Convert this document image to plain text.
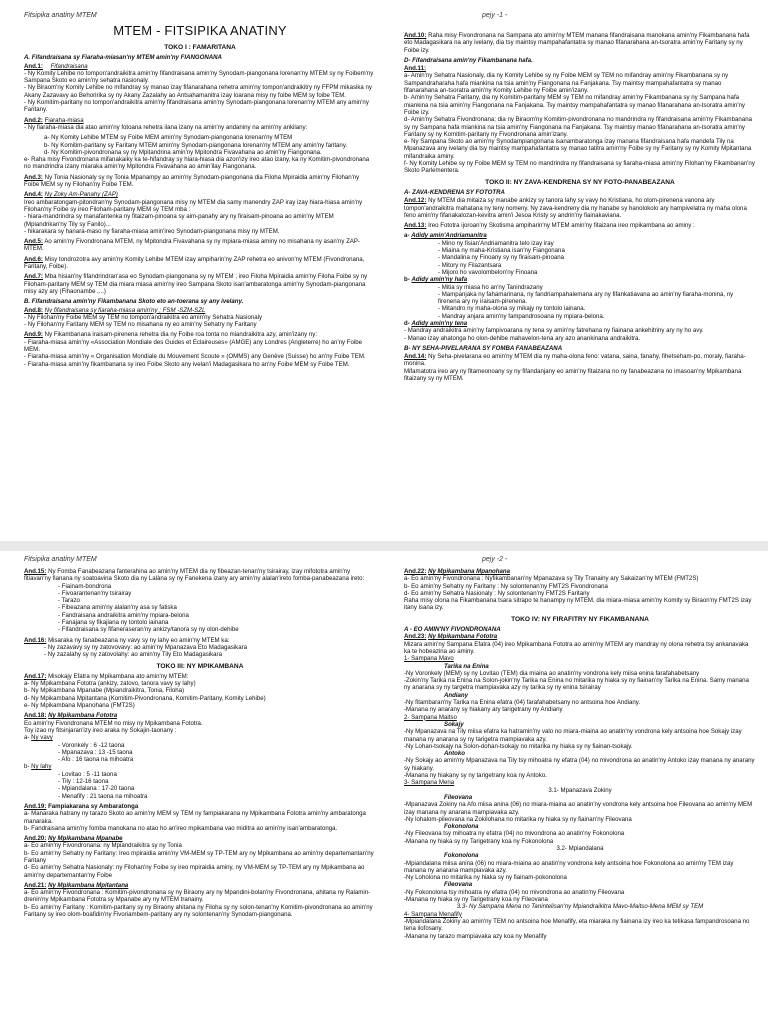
Fitsipika anatiny MTEM	pejy -1 -
MTEM - FITSIPIKA ANATINY
TOKO I : FAMARITANA
A. Fifandraisana sy Fiaraha-miasan'ny MTEM amin'ny FIANGONANA

And.1: Fifandraisana
- Ny Komity Lehibe no tompon'andraikitra amin'ny fifandraisana amin'ny Synodam-piangonana lorenan'ny MTEM sy ny Foibem'ny Sampana Skoto eo amin'ny sehatra nasionaly.
- Ny Biraom'ny Komity Lehibe no mifandray sy manao izay fifanarahana rehetra amin'ny tompon'andraikitry ny FFPM mikasika ny Akany Zazavavy ao Behoririka sy ny Akany Zazalahy ao Antsahamanitra izay loarana misy ny foibe MEM sy foibe TEM.
- Ny Komitim-paritany no tompon'andraikitra amin'ny fifandraisana amin'ny Synodam-piangonana lorenan'ny MTEM any amin'ny Faritany.

And.2: Fiaraha-miasa
- Ny fiaraha-miasa dia atao amin'ny fotoana rehetra ilana izany na amin'ny andaniny na amin'ny ankilany:

a- Ny Komity Lehibe MTEM sy Foibe MEM amin'ny Synodam-piangonana lorenan'ny MTEM

b- Ny Komitim-paritany sy Faritany MTEM amin'ny Synodam-piangonana lorenan'ny MTEM any amin'ny faritany.

d- Ny Komitim-pivondronana sy ny Mpitandrina amin'ny Mpitondra Fivavahana ao amin'ny Fiangonana.

e- Raha misy Fivondronana mifanakaiky ka te-hifandray sy hiara-hiasa dia azon'izy ireo atao izany, ka ny Komitim-pivondronana no mandrindra izany miaraka amin'ny Mpitondra Fivavahana ao amin'ilay Fiangonana.

And.3: Ny Tonia Nasionaly sy ny Tonia Mpanampy ao amin'ny Synodam-piangonana dia Filoha Mpiraidia amin'ny Filohan'ny Foibe MEM sy ny Filohan'ny Foibe TEM.

And.4: Ny Zoky Am-Panahy (ZAP)
Ireo ambaratongam-pitondran'ny Synodam-piangonana misy ny MTEM dia samy manendry ZAP iray izay hiara-hiasa amin'ny Filohan'ny Foibe sy ireo Filoham-paritany MEM sy TEM mba :
- hiara-mandrindra sy manafantenka ny fitaizam-pinoana sy aim-panahy ary ny firaisam-pinoana ao amin'ny MTEM (Mpiandrikan'ny Tily sy Fanilo)...
- hikarakara sy hanara-maso ny fiaraha-miasa amin'ireo Synodam-piangonana misy ny MTEM.

And.5: Ao amin'ny Fivondronana MTEM, ny Mpitondra Fivavahana sy ny mpiara-miasa aminy no misahana ny asan'ny ZAP-MTEM.

And.6: Misy tondrozotra avy amin'ny Komity Lehibe MTEM izay ampiharin'ny ZAP rehetra eo anivon'ny MTEM (Fivondronana, Faritany, Foibe).

And.7: Mba hisian'ny fifandrindran'asa eo Synodam-piangonana sy ny MTEM ; ireo Filoha Mpiraidia amin'ny Filoha Foibe sy ny Filoham-paritany MEM sy TEM dia miara miasa amin'ny ireo Sampana Skoto isan'ambaratonga amin'ny Synodam-piangonana misy azy ary (Fihaonambe ,...)

B. Fifandraisana amin'ny Fikambanana Skoto eto an-toerana sy any ivelany.

And.8: Ny fifandraisana sy fiaraha-miasa amin'ny ; FSM -SZM-SZL
- Ny Filohan'ny Foibe MEM sy TEM no tompon'andraikitra eo amin'ny Sehatra Nasionaly
- Ny Filohan'ny Faritany MEM sy TEM no misahana ny eo amin'ny Sehatry ny Faritany

And.9: Ny Fikambanana iraisam-pirenena rehetra dia ny Foibe roa tonta no miandraikitra azy, amin'izany ny:
- Fiaraha-miasa amin'ny «Association Mondiale des Guides et Eclaireuses» (AMGE) any Londres (Angleterre) ho an'ny Foibe MEM.
- Fiaraha-miasa amin'ny « Organisation Mondiale du Mouvement Scoute » (OMMS) any Genève (Suisse) ho an'ny Foibe TEM.
- Fiaraha-miasa amin'ny fikambanana sy ireo Foibe Skoto any ivelan'i Madagasikara ho an'ny Foibe MEM sy Foibe TEM.

And.10: Raha misy Fivondronana na Sampana ato amin'ny MTEM manana fifandraisana manokana amin'ny Fikambanana hafa eto Madagasikara na any ivelany, dia tsy maintsy mampahafantatra sy manao fifanarahana an-tsoratra amin'ny Faritany sy ny Foibe izy.

D- Fifandraisana amin'ny Fikambanana hafa.

And.11:
a- Amin'ny Sehatra Nasionaly, dia ny Komity Lehibe sy ny Foibe MEM sy TEM no mifandray amin'ny Fikambanana sy ny Sampandraharaha hafa miankina na tsia amin'ny Fiangonana na Fanjakana. Tsy maintsy mampahafantatra sy manao fifanarahana an-tsoratra amin'ny Komity Lehibe ny Foibe amin'izany.
b- Amin'ny Sehatra Faritany, dia ny Komitim-paritany MEM sy TEM no mifandray amin'ny Fikambanana sy ny Sampana hafa miankina na tsia amin'ny Fiangonana na Fanjakana. Tsy maintsy mampahafantatra sy manao fifanarahana an-tsoratra amin'ny Foibe izy.
d- Amin'ny Sehatra Fivondronana; dia ny Biraom'ny Komitim-pivondronana no mandrindra ny fifandraisana amin'ny Fikambanana sy ny Sampana hafa miankina na tsia amin'ny Fiangonana na Fanjakana. Tsy maintsy manao fifanarahana an-tsoratra amin'ny Faritany sy ny Komitim-paritany ny Fivondronana amin'izany.
e- Ny Sampana Skoto ao amin'ny Synodampiangonana isanambaratonga izay manana fifandraisana hafa mandefa Tily na Mpanazava any ivelany dia tsy maintsy mampahafantatra sy manao tatitra amin'ny Foibe sy ny Faritany sy ny Komity Mpitantana mifandraika aminy.
f- Ny Komity Lehibe sy ny Foibe MEM sy TEM no mandrindra ny fifandraisana sy fiaraha-miasa amin'ny Filohan'ny Fikambanan'ny Skoto Parlementera.

TOKO II: NY ZAVA-KENDRENA SY NY FOTO-PANABEAZANA
A- ZAVA-KENDRENA SY FOTOTRA

And.12: Ny MTEM dia mitaiza sy manabe ankizy sy tanora lahy sy vavy ho Kristiana, ho olom-pirenena vanona ary tompon'andraikitra mahatana ny teny nomeny. Ny zava-kendreny dia ny hanabe sy hanolokolo ary hampivelatra ny maha olona feno amin'ny fifanakalozan-kevitra amin'i Jesoa Kristy sy andrin'ny fiainakaviana.

And.13: Ireo Fototra ijoroan'ny Skotisma ampiharin'ny MTEM amin'ny fitaizana ireo mpikambana ao aminy :

a- Adidy amin'Andriamanitra

- Mino ny fisian'Andriamanitra telo izay iray

- Miaina ny maha-Kristiana isan'ny Fiangonana

- Mandalina ny Finoany sy ny firaisam-pinoana

- Mitory ny Filazantsara

- Mijoro ho vavolombelon'ny Finoana

b- Adidy amin'ny hafa

- Mitia sy miasa ho an'ny Tanindrazany

- Mampanjaka ny fahamarinana, ny fandriampahalemana ary ny fifankatiavana ao amin'ny fiaraha-monina, ny firenena ary ny iraisam-pirenena.

- Mitandro ny maha-olona sy mikajy ny tontolo iainana.

- Mandray anjara amin'ny fampandrosoana ny mpiara-belona.

d- Adidy amin'ny tena

- Mandray andraikitra amin'ny fampivoarana ny tena sy amin'ny fatrehana ny fiainana ankehitriny ary ny ho avy.

- Manao izay ahatonga ho olon-dehibe mahavelon-tena ary azo anankinana andraikitra.

B- NY SEHA-PIVELARANA SY FOMBA FANABEAZANA

And.14: Ny Seha-pivelarana eo amin'ny MTEM dia ny maha-olona feno: vatana, saina, fanahy, fihetseham-po, moraly, fiaraha-monina.
Mifamatotra ireo ary ny fitameonoany sy ny fifandanjany eo amin'ny fitaizana no ny fanabeazana no imasoan'ny Mpikambana fitaizany sy ny MTEM.

Fitsipika anatiny MTEM	pejy -2 -

And.15: Ny Fomba Fanabeazana fanterahina ao amin'ny MTEM dia ny fibeazan-tenan'ny tsirairay, izay mifototra amin'ny fitiavan'ny fianana ny soatoavina Skoto dia ny Lalàna sy ny Fanekena izany ary amin'ny alalan'ireto fomba-panabeazana ireto:

- Fiainam-bondrona

- Fivoarantenan'ny tsirairay

- Tarazo

- Fibeazana amin'ny alalan'ny asa sy fatiska

- Fandraisana andraikitra amin'ny mpiara-belona

- Fanajana sy fikajiana ny tontolo iainana

- Fifandraisana sy fifaneraseran'ny ankizy/tanora sy ny olon-dehibe

And.16: Misaraka ny fanabeazana ny vavy sy ny lahy eo amin'ny MTEM ka:

- Ny zazavavy sy ny zatovovavy: ao amin'ny Mpanazava Eto Madagasikara

- Ny zazalahy sy ny zatovolahy: ao amin'ny Tily Eto Madagasikara

TOKO III: NY MPIKAMBANA

And.17: Misokajy Efatra ny Mpikambana ato amin'ny MTEM:

a- Ny Mpikambana Fototra (ankizy, zatovo, tanora vavy sy lahy)

b- Ny Mpikambana Mpanabe (Mpiandraikitra, Tonia, Filoha)

d- Ny Mpikambana Mpitantana (Komitim-Pivondronana, Komitim-Paritany, Komity Lehibe)

e- Ny Mpikambana Mpanohana (FMT2S)

And.18: Ny Mpikambana Fototra
Eo amin'ny Fivondronana MTEM no misy ny Mpikambana Fototra.
Toy izao ny fitsinjaran'izy ireo araka ny Sokajin-taonany :
a- Ny vavy

- Voronkely : 6 -12 taona

- Mpanazava : 13 -15 taona

- Afo : 16 taona na mihoatra

b- Ny lahy

- Lovitao : 5 -11 taona

- Tily : 12-16 taona

- Mpiandalana : 17-20 taona

- Menafify : 21 taona na mihoatra

And.19: Fampiakarana sy Ambaratonga
a- Manaraka hatrany ny tarazo Skoto ao amin'ny MEM sy TEM ny fampiakarana ny Mpikambana Fototra amin'ny ambaratonga manaraka.
b- Fandraisana amin'ny fomba manokana no atao ho an'ireo mpikambana vao miditra ao amin'ny isan'ambaratonga.

And.20: Ny Mpikambana Mpanabe
a- Eo amin'ny Fivondronana: ny Mpiandraikitra sy ny Tonia
b- Eo amin'ny Sehatry ny Faritany: Ireo mpiraidia amin'ny VM-MEM sy TP-TEM ary ny Mpikambana ao amin'ny departemantan'ny Faritany
d- Eo amin'ny Sehatra Nasionaly: ny Filohan'ny Foibe sy ireo mpiraidia aminy, ny VM-MEM sy TP-TEM ary ny Mpikambana ao amin'ny departemantan'ny Foibe

And.21: Ny Mpikambana Mpitantana
a- Eo amin'ny Fivondronana : Komitim-pivondronana sy ny Biraony ary ny Mpandini-bolan'ny Fivondronana, ahitana ny Ralamin-drenin'ny Mpikambana Fototra sy Mpanabe ary ny MTEM tranainy.
b- Eo amin'ny Faritany : Komitim-paritany sy ny Biraony ahitana ny Filoha sy ny solon-tenan'ny Komitim-pivondronana ao amin'ny Faritany sy ireo olom-boafidin'ny Fivoriambem-paritany ary ny solontenan'ny Synodam-piangonana.

And.22: Ny Mpikambana Mpanohana
a- Eo amin'ny Fivondronana : Nyfikambanan'ny Mpanazava sy Tily Tranainy ary Sakaizan'ny MTEM (FMT2S)
b- Eo amin'ny Sehatry ny Faritany : Ny solontenan'ny FMT2S Fivondronana
d- Eo amin'ny Sehatra Nasionaly : Ny solontenan'ny FMT2S Faritany
Raha misy olona na Fikambanana tsara sitrapo te hanampy ny MTEM, dia miara-miasa amin'ny Komity sy Biraon'ny FMT2S izay itany isana izy.

TOKO IV: NY FIRAFITRY NY FIKAMBANANA
A - EO AMIN'NY FIVONDRONANA

And.23: Ny Mpikambana Fototra
Mizara amin'ny Sampana Efatra (04) ireo Mpikambana Fototra ao amin'ny MTEM ary mandray ny olona rehetra tsy ankanavaka ka te hobeazina ao aminy.

1- Sampana Mavo

Tarika na Enina

-Ny Voronkely (MEM) sy ny Lovitao (TEM) dia miaina ao anatin'ny vondrona kely miisa enina farafahabetsany

-Zokin'ny Tarika na Enina na Solon-jokin'ny Tarika na Enina no mitarika ny hiaka sy ny fiainan'ny Tarika na Enina. Samy manana ny anarana sy ny targetra mampiavaka azy ny tarika sy ny enina tsirairay

Andiany

-Ny fitambaran'ny Tarika na Enina efatra (04) farafahabetsany no antsoina hoe Andiany.

-Manana ny anarany sy hiakany ary tarigetrany ny Andiany

2- Sampana Maitso

Sokajy

-Ny Mpanazava na Tily miisa efatra ka hatramin'ny valo no miara-miaina ao anatin'ny vondrona kely antsoina hoe Sokajy izay manana ny anarana sy ny tarigetra mampiavaka azy.

-Ny Lohan-tsokajy na Solon-dohan-tsokajy no mitarika ny hiaka sy ny fiainan-tsokajy.

Antoko

-Ny Sokajy ao amin'ny Mpanazava na Tily tsy mihoatra ny efatra (04) no mivondrona ao anatin'ny Antoko izay manana ny anarany sy hiakany.

-Manana ny hiakany sy ny tarigetrany koa ny Antoko.

3- Sampana Mena

3.1- Mpanazava Zokiny

Fileovana

-Mpanazava Zokiny na Afo miisa anina (06) no miara-miaina ao anatin'ny vondrona kely antsoina hoe Fileovana ao amin'ny MEM izay manana ny anarana mampiavaka azy.

-Ny lohalom-pileovana na Zokilohana no mitarika ny hiaka sy ny fiainan'ny Fileovana

Fokonolona

-Ny Fileovana tsy mihoatra ny efatra (04) no mivondrona ao anatin'ny Fokonolona

-Manana ny hiaka sy ny Tarigetrany koa ny Fokonolona

3.2- Mpiandalana

Fokonolona

-Mpiandalana miisa anina (06) no miara-miaina ao anatin'ny vondrona kely antsoina hoe Fokonolona ao amin'ny TEM izay manana ny anarana mampiavaka azy.

-Ny Loholona no mitarika ny hiaka sy ny fiainam-pokonolona

Fileovana

-Ny Fokonolona tsy mihoatra ny efatra (04) no mivondrona ao anatin'ny Fileovana

-Manana ny hiaka sy ny Tarigetrany koa ny Fileovana

3.3- Ny Sampana Mena no Tanintelisan'ny Mpiandraikitra Mavo-Maitso-Mena MEM sy TEM

4- Sampana Menafify

-Mpiandalana Zokiny ao amin'ny TEM no antsoina hoe Menafify, eta miaraka ny fiainana izy ireo ka tetikasa fampandrosoana no tena ilofosany.

-Manana ny tarazo mampiavaka azy koa ny Menafify
